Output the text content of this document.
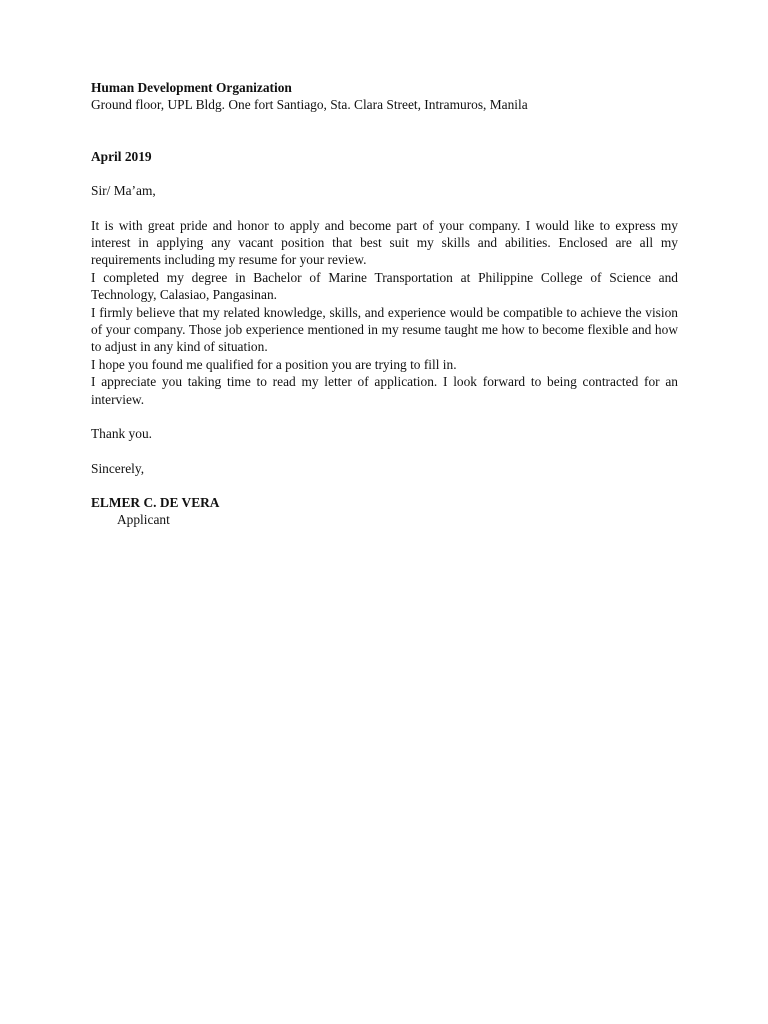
Human Development Organization
Ground floor, UPL Bldg. One fort Santiago, Sta. Clara Street, Intramuros, Manila
April 2019
Sir/ Ma’am,

It is with great pride and honor to apply and become part of your company. I would like to express my interest in applying any vacant position that best suit my skills and abilities. Enclosed are all my requirements including my resume for your review.

I completed my degree in Bachelor of Marine Transportation at Philippine College of Science and Technology, Calasiao, Pangasinan.

I firmly believe that my related knowledge, skills, and experience would be compatible to achieve the vision of your company. Those job experience mentioned in my resume taught me how to become flexible and how to adjust in any kind of situation.

I hope you found me qualified for a position you are trying to fill in.

I appreciate you taking time to read my letter of application. I look forward to being contracted for an interview.

Thank you.
Sincerely,
ELMER C. DE VERA
Applicant
